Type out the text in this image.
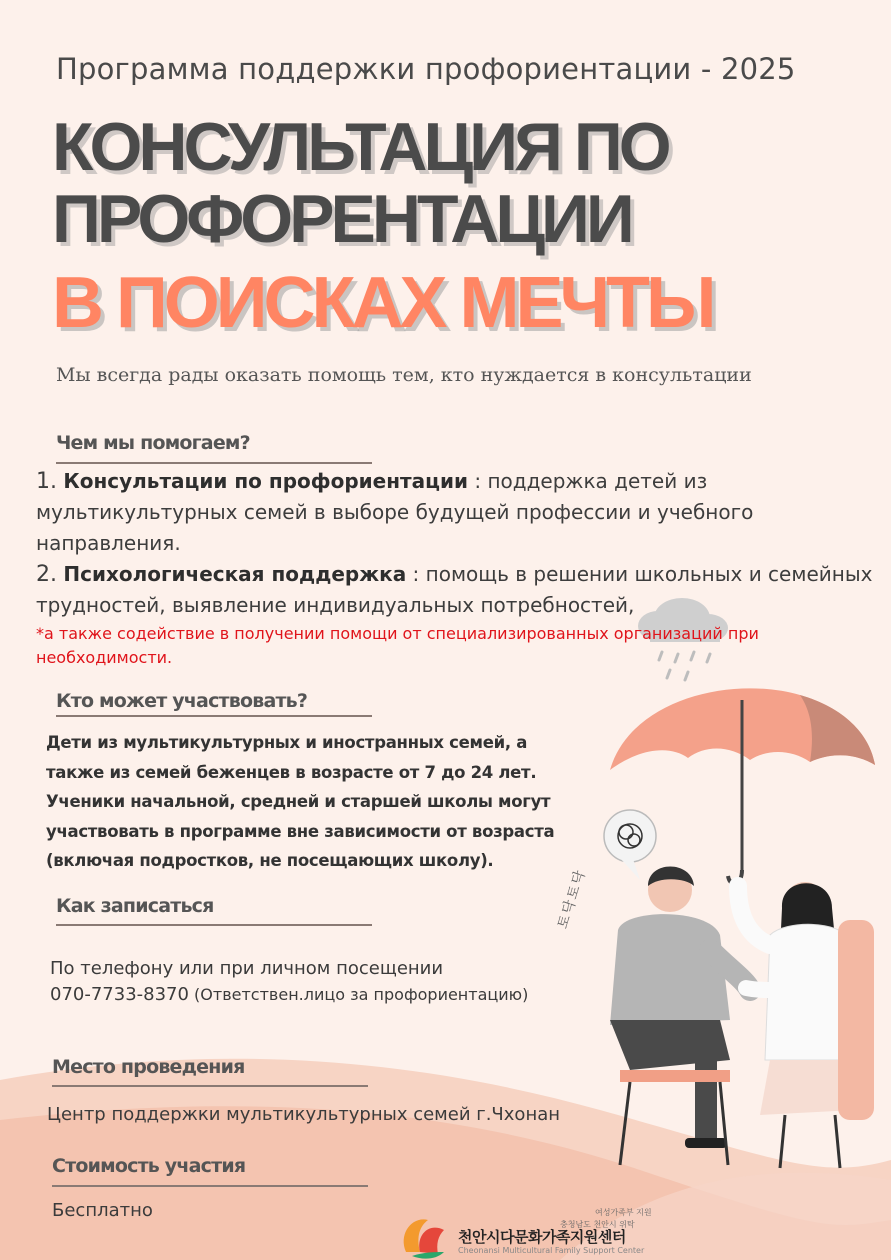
Программа поддержки профориентации - 2025
КОНСУЛЬТАЦИЯ ПО
ПРОФОРЕНТАЦИИ
В ПОИСКАХ МЕЧТЫ
Мы всегда рады оказать помощь тем, кто нуждается в консультации
Чем мы помогаем?
1. Консультации по профориентации : поддержка детей из мультикультурных семей в выборе будущей профессии и учебного направления.
2. Психологическая поддержка : помощь в решении школьных и семейных трудностей, выявление индивидуальных потребностей,
*а также содействие в получении помощи от специализированных организаций при необходимости.
Кто может участвовать?
Дети из мультикультурных и иностранных семей, а также из семей беженцев в возрасте от 7 до 24 лет. Ученики начальной, средней и старшей школы могут участвовать в программе вне зависимости от возраста (включая подростков, не посещающих школу).
Как записаться
По телефону или при личном посещении
070-7733-8370 (Ответствен.лицо за профориентацию)
Место проведения
Центр поддержки мультикультурных семей г.Чхонан
Стоимость участия
Бесплатно
토닥토닥
여성가족부 지원
충청남도 천안시 위탁
천안시다문화가족지원센터
Cheonansi Multicultural Family Support Center
